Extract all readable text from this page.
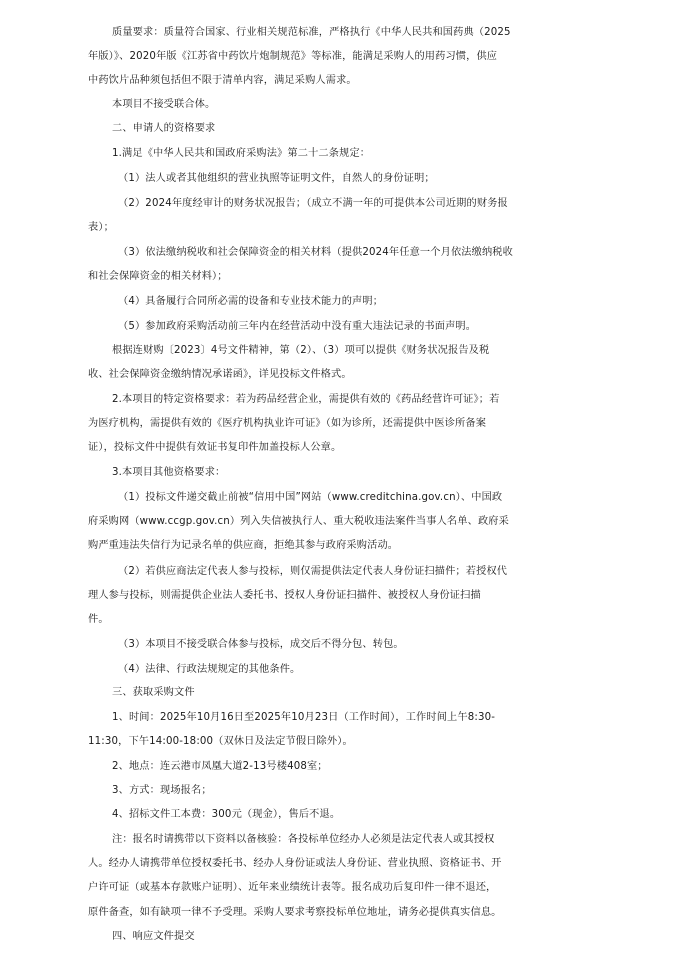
质量要求：质量符合国家、行业相关规范标准，严格执行《中华人民共和国药典（2025
年版）》、2020年版《江苏省中药饮片炮制规范》等标准，能满足采购人的用药习惯，供应
中药饮片品种须包括但不限于清单内容，满足采购人需求。
本项目不接受联合体。
二、申请人的资格要求
1.满足《中华人民共和国政府采购法》第二十二条规定：
（1）法人或者其他组织的营业执照等证明文件，自然人的身份证明；
（2）2024年度经审计的财务状况报告；（成立不满一年的可提供本公司近期的财务报
表）；
（3）依法缴纳税收和社会保障资金的相关材料（提供2024年任意一个月依法缴纳税收
和社会保障资金的相关材料）；
（4）具备履行合同所必需的设备和专业技术能力的声明；
（5）参加政府采购活动前三年内在经营活动中没有重大违法记录的书面声明。
根据连财购〔2023〕4号文件精神，第（2）、（3）项可以提供《财务状况报告及税
收、社会保障资金缴纳情况承诺函》，详见投标文件格式。
2.本项目的特定资格要求：若为药品经营企业，需提供有效的《药品经营许可证》；若
为医疗机构，需提供有效的《医疗机构执业许可证》（如为诊所，还需提供中医诊所备案
证），投标文件中提供有效证书复印件加盖投标人公章。
3.本项目其他资格要求：
（1）投标文件递交截止前被“信用中国”网站（www.creditchina.gov.cn）、中国政
府采购网（www.ccgp.gov.cn）列入失信被执行人、重大税收违法案件当事人名单、政府采
购严重违法失信行为记录名单的供应商，拒绝其参与政府采购活动。
（2）若供应商法定代表人参与投标，则仅需提供法定代表人身份证扫描件；若授权代
理人参与投标，则需提供企业法人委托书、授权人身份证扫描件、被授权人身份证扫描
件。
（3）本项目不接受联合体参与投标，成交后不得分包、转包。
（4）法律、行政法规规定的其他条件。
三、获取采购文件
1、时间：2025年10月16日至2025年10月23日（工作时间），工作时间上午8:30-
11:30，下午14:00-18:00（双休日及法定节假日除外）。
2、地点：连云港市凤凰大道2-13号楼408室；
3、方式：现场报名；
4、招标文件工本费：300元（现金），售后不退。
注：报名时请携带以下资料以备核验：各投标单位经办人必须是法定代表人或其授权
人。经办人请携带单位授权委托书、经办人身份证或法人身份证、营业执照、资格证书、开
户许可证（或基本存款账户证明）、近年来业绩统计表等。报名成功后复印件一律不退还，
原件备查，如有缺项一律不予受理。采购人要求考察投标单位地址，请务必提供真实信息。
四、响应文件提交
